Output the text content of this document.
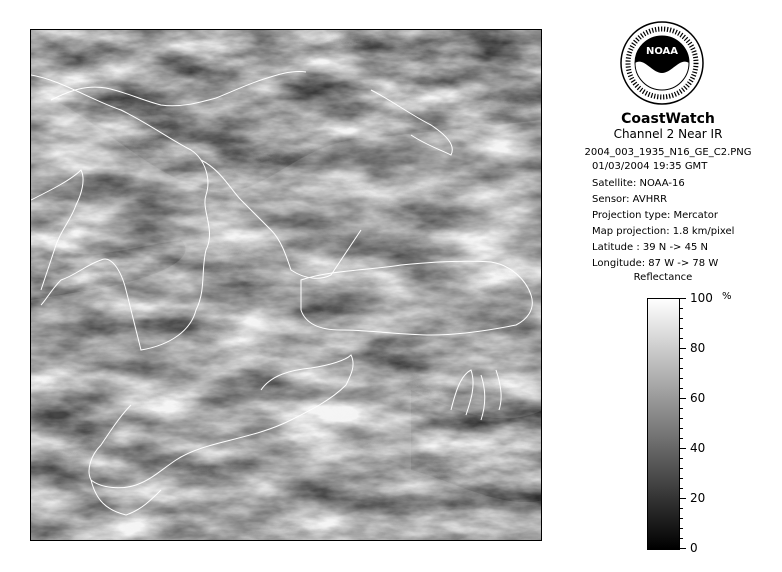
NOAA
CoastWatch
Channel 2 Near IR
2004_003_1935_N16_GE_C2.PNG
01/03/2004 19:35 GMT
Satellite: NOAA-16
Sensor: AVHRR
Projection type: Mercator
Map projection: 1.8 km/pixel
Latitude : 39 N -> 45 N
Longitude: 87 W -> 78 W
Reflectance
%
100
80
60
40
20
0
